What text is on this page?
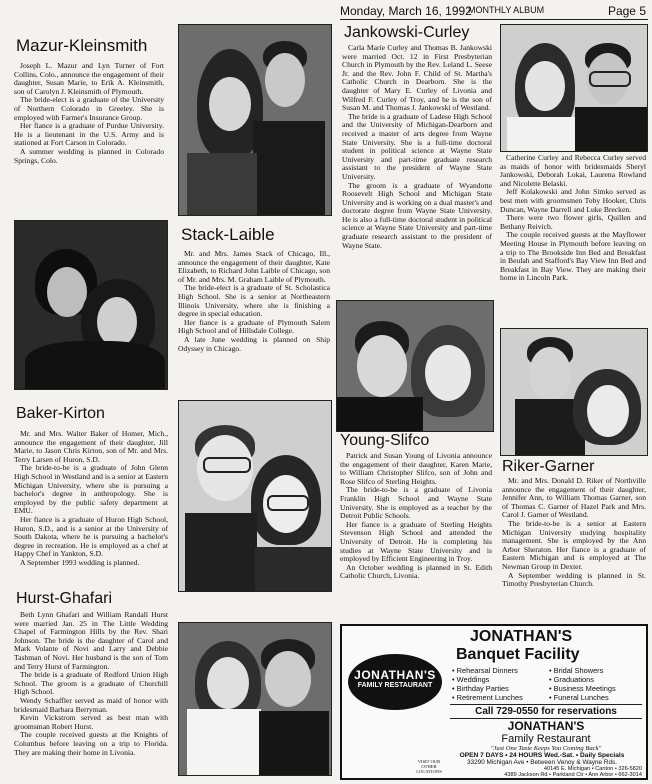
Monday, March 16, 1992
MONTHLY ALBUM	Page 5
Mazur-Kleinsmith

Joseph L. Mazur and Lyn Turner of Fort Collins, Colo., announce the engagement of their daughter, Susan Marie, to Erik A. Kleinsmith, son of Carolyn J. Kleinsmith of Plymouth.

The bride-elect is a graduate of the University of Northern Colorado in Greeley. She is employed with Farmer's Insurance Group.

Her fiance is a graduate of Purdue University. He is a lieutenant in the U.S. Army and is stationed at Fort Carson in Colorado.

A summer wedding is planned in Colorado Springs, Colo.

Baker-Kirton

Mr. and Mrs. Walter Baker of Homer, Mich., announce the engagement of their daughter, Jill Marie, to Jason Chris Kirton, son of Mr. and Mrs. Terry Larsen of Huron, S.D.

The bride-to-be is a graduate of John Glenn High School in Westland and is a senior at Eastern Michigan University, where she is pursuing a bachelor's degree in anthropology. She is employed by the public safety department at EMU.

Her fiance is a graduate of Huron High School, Huron, S.D., and is a senior at the University of South Dakota, where he is pursuing a bachelor's degree in recreation. He is employed as a chef at Happy Chef in Yankton, S.D.

A September 1993 wedding is planned.

Hurst-Ghafari

Beth Lynn Ghafari and William Randall Hurst were married Jan. 25 in The Little Wedding Chapel of Farmington Hills by the Rev. Shari Johnson. The bride is the daughter of Carol and Mark Volante of Novi and Larry and Debbie Tashman of Novi. Her husband is the son of Tom and Terry Hurst of Farmington.

The bride is a graduate of Redford Union High School. The groom is a graduate of Churchill High School.

Wendy Schaffler served as maid of honor with bridesmaid Barbara Berryman.

Kevin Vickstrom served as best man with groomsman Robert Hurst.

The couple received guests at the Knights of Columbus before leaving on a trip to Florida. They are making their home in Livonia.

Stack-Laible

Mr. and Mrs. James Stack of Chicago, Ill., announce the engagement of their daughter, Kate Elizabeth, to Richard John Laible of Chicago, son of Mr. and Mrs. M. Graham Laible of Plymouth.

The bride-elect is a graduate of St. Scholastica High School. She is a senior at Northeastern Illinois University, where she is finishing a degree in special education.

Her fiance is a graduate of Plymouth Salem High School and of Hillsdale College.

A late June wedding is planned on Ship Odyssey in Chicago.

Jankowski-Curley

Carla Marie Curley and Thomas B. Jankowski were married Oct. 12 in First Presbyterian Church in Plymouth by the Rev. Leland L. Seese Jr. and the Rev. John F. Child of St. Martha's Catholic Church in Dearborn. She is the daughter of Mary E. Curley of Livonia and Wilfred F. Curley of Troy, and he is the son of Susan M. and Thomas J. Jankowski of Westland.

The bride is a graduate of Ladese High School and the University of Michigan-Dearborn and received a master of arts degree from Wayne State University. She is a full-time doctoral student in political science at Wayne State University and part-time graduate research assistant to the president of Wayne State University.

The groom is a graduate of Wyandotte Roosevelt High School and Michigan State University and is working on a dual master's and doctorate degree from Wayne State University. He is also a full-time doctoral student in political science at Wayne State University and part-time graduate research assistant to the president of Wayne State.

Catherine Curley and Rebecca Curley served as maids of honor with bridesmaids Sheryl Jankowski, Deborah Lokai, Laurena Rowland and Nicolette Belaski.

Jeff Kolakowski and John Simko served as best men with groomsmen Toby Hooker, Chris Duncan, Wayne Darrell and Luke Brecken.

There were two flower girls, Quillen and Bethany Reivich.

The couple received guests at the Mayflower Meeting House in Plymouth before leaving on a trip to The Brookside Inn Bed and Breakfast in Beulah and Stafford's Bay View Inn Bed and Breakfast in Bay View. They are making their home in Lincoln Park.

Young-Slifco

Patrick and Susan Young of Livonia announce the engagement of their daughter, Karen Marie, to William Christopher Slifco, son of John and Rose Slifco of Sterling Heights.

The bride-to-be is a graduate of Livonia Franklin High School and Wayne State University. She is employed as a teacher by the Detroit Public Schools.

Her fiance is a graduate of Sterling Heights Stevenson High School and attended the University of Detroit. He is completing his studies at Wayne State University and is employed by Efficient Engineering in Troy.

An October wedding is planned in St. Edith Catholic Church, Livonia.

Riker-Garner

Mr. and Mrs. Donald D. Riker of Northville announce the engagement of their daughter, Jennifer Ann, to William Thomas Garner, son of Thomas C. Garner of Hazel Park and Mrs. Carol J. Garner of Westland.

The bride-to-be is a senior at Eastern Michigan University studying hospitality management. She is employed by the Ann Arbor Sheraton. Her fiance is a graduate of Eastern Michigan and is employed at The Newman Group in Dexter.

A September wedding is planned in St. Timothy Presbyterian Church.

JONATHAN'S
FAMILY RESTAURANT
JONATHAN'S
Banquet Facility
• Rehearsal Dinners	• Bridal Showers
• Weddings	• Graduations
• Birthday Parties	• Business Meetings
• Retirement Lunches	• Funeral Lunches
Call 729-0550 for reservations
JONATHAN'S
Family Restaurant
"Just One Taste Keeps You Coming Back"
OPEN 7 DAYS • 24 HOURS Wed.-Sat. • Daily Specials
33290 Michigan Ave • Between Venoy & Wayne Rds.
VISIT OUR OTHER LOCATIONS	40145 E. Michigan • Canton • 326-5820
4389 Jackson Rd • Parkland Ctr • Ann Arbor • 662-3014
